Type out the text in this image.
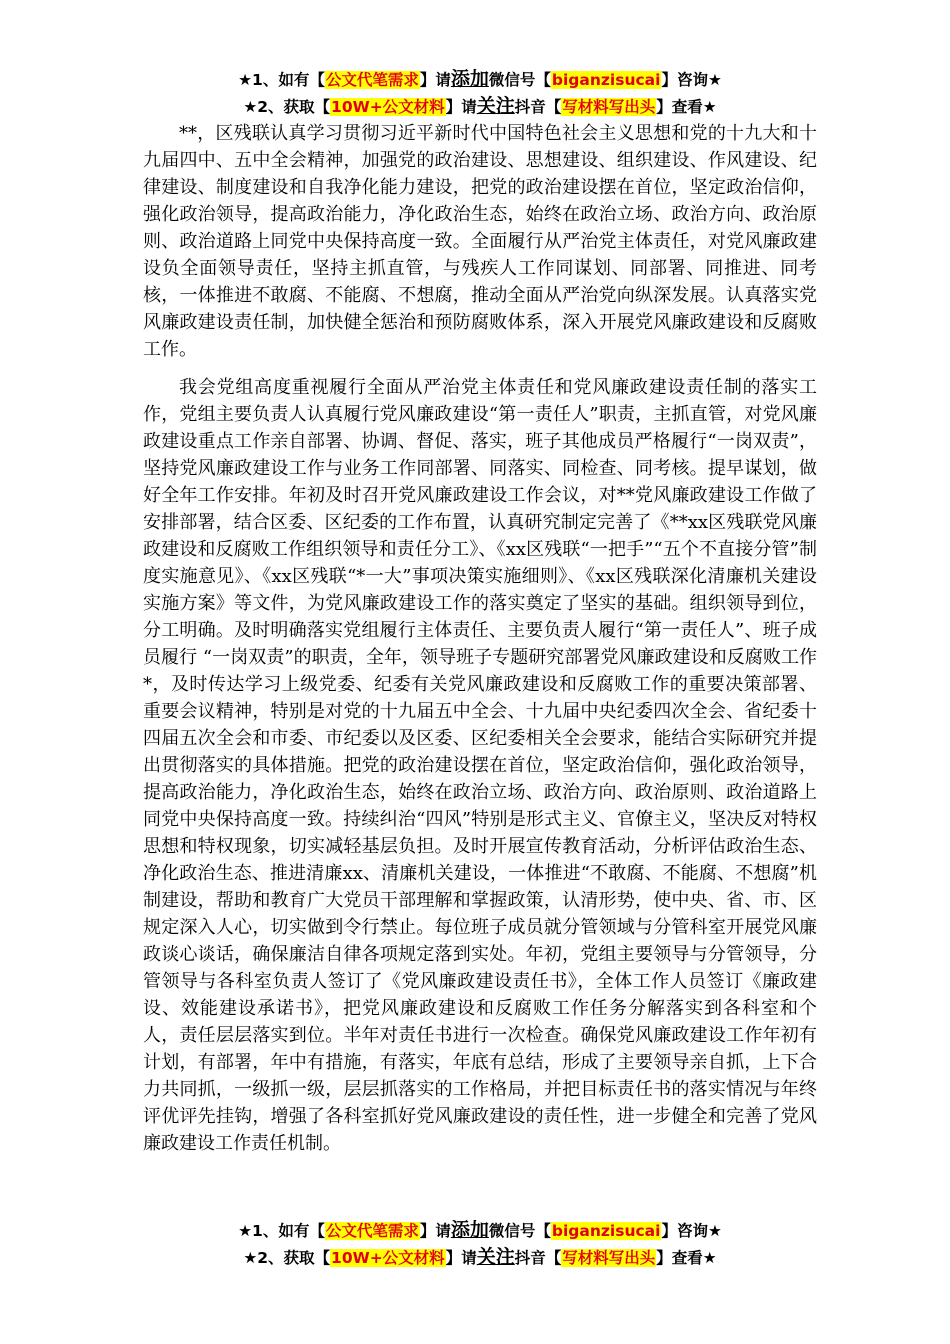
★1、如有【公文代笔需求】请添加微信号【biganzisucai】咨询★
★2、获取【10W+公文材料】请关注抖音【写材料写出头】查看★

**，区残联认真学习贯彻习近平新时代中国特色社会主义思想和党的十九大和十九届四中、五中全会精神，加强党的政治建设、思想建设、组织建设、作风建设、纪律建设、制度建设和自我净化能力建设，把党的政治建设摆在首位，坚定政治信仰，强化政治领导，提高政治能力，净化政治生态，始终在政治立场、政治方向、政治原则、政治道路上同党中央保持高度一致。全面履行从严治党主体责任，对党风廉政建设负全面领导责任，坚持主抓直管，与残疾人工作同谋划、同部署、同推进、同考核，一体推进不敢腐、不能腐、不想腐，推动全面从严治党向纵深发展。认真落实党风廉政建设责任制，加快健全惩治和预防腐败体系，深入开展党风廉政建设和反腐败工作。

我会党组高度重视履行全面从严治党主体责任和党风廉政建设责任制的落实工作，党组主要负责人认真履行党风廉政建设“第一责任人”职责，主抓直管，对党风廉政建设重点工作亲自部署、协调、督促、落实，班子其他成员严格履行“一岗双责”，坚持党风廉政建设工作与业务工作同部署、同落实、同检查、同考核。提早谋划，做好全年工作安排。年初及时召开党风廉政建设工作会议，对**党风廉政建设工作做了安排部署，结合区委、区纪委的工作布置，认真研究制定完善了《**xx区残联党风廉政建设和反腐败工作组织领导和责任分工》、《xx区残联“一把手”“五个不直接分管”制度实施意见》、《xx区残联“*一大”事项决策实施细则》、《xx区残联深化清廉机关建设实施方案》等文件，为党风廉政建设工作的落实奠定了坚实的基础。组织领导到位，分工明确。及时明确落实党组履行主体责任、主要负责人履行“第一责任人”、班子成员履行 “一岗双责”的职责，全年，领导班子专题研究部署党风廉政建设和反腐败工作*，及时传达学习上级党委、纪委有关党风廉政建设和反腐败工作的重要决策部署、重要会议精神，特别是对党的十九届五中全会、十九届中央纪委四次全会、省纪委十四届五次全会和市委、市纪委以及区委、区纪委相关全会要求，能结合实际研究并提出贯彻落实的具体措施。把党的政治建设摆在首位，坚定政治信仰，强化政治领导，提高政治能力，净化政治生态，始终在政治立场、政治方向、政治原则、政治道路上同党中央保持高度一致。持续纠治“四风”特别是形式主义、官僚主义，坚决反对特权思想和特权现象，切实减轻基层负担。及时开展宣传教育活动，分析评估政治生态、净化政治生态、推进清廉xx、清廉机关建设，一体推进“不敢腐、不能腐、不想腐”机制建设，帮助和教育广大党员干部理解和掌握政策，认清形势，使中央、省、市、区规定深入人心，切实做到令行禁止。每位班子成员就分管领域与分管科室开展党风廉政谈心谈话，确保廉洁自律各项规定落到实处。年初，党组主要领导与分管领导，分管领导与各科室负责人签订了《党风廉政建设责任书》，全体工作人员签订《廉政建设、效能建设承诺书》，把党风廉政建设和反腐败工作任务分解落实到各科室和个人，责任层层落实到位。半年对责任书进行一次检查。确保党风廉政建设工作年初有计划，有部署，年中有措施，有落实，年底有总结，形成了主要领导亲自抓，上下合力共同抓，一级抓一级，层层抓落实的工作格局，并把目标责任书的落实情况与年终评优评先挂钩，增强了各科室抓好党风廉政建设的责任性，进一步健全和完善了党风廉政建设工作责任机制。

★1、如有【公文代笔需求】请添加微信号【biganzisucai】咨询★
★2、获取【10W+公文材料】请关注抖音【写材料写出头】查看★
